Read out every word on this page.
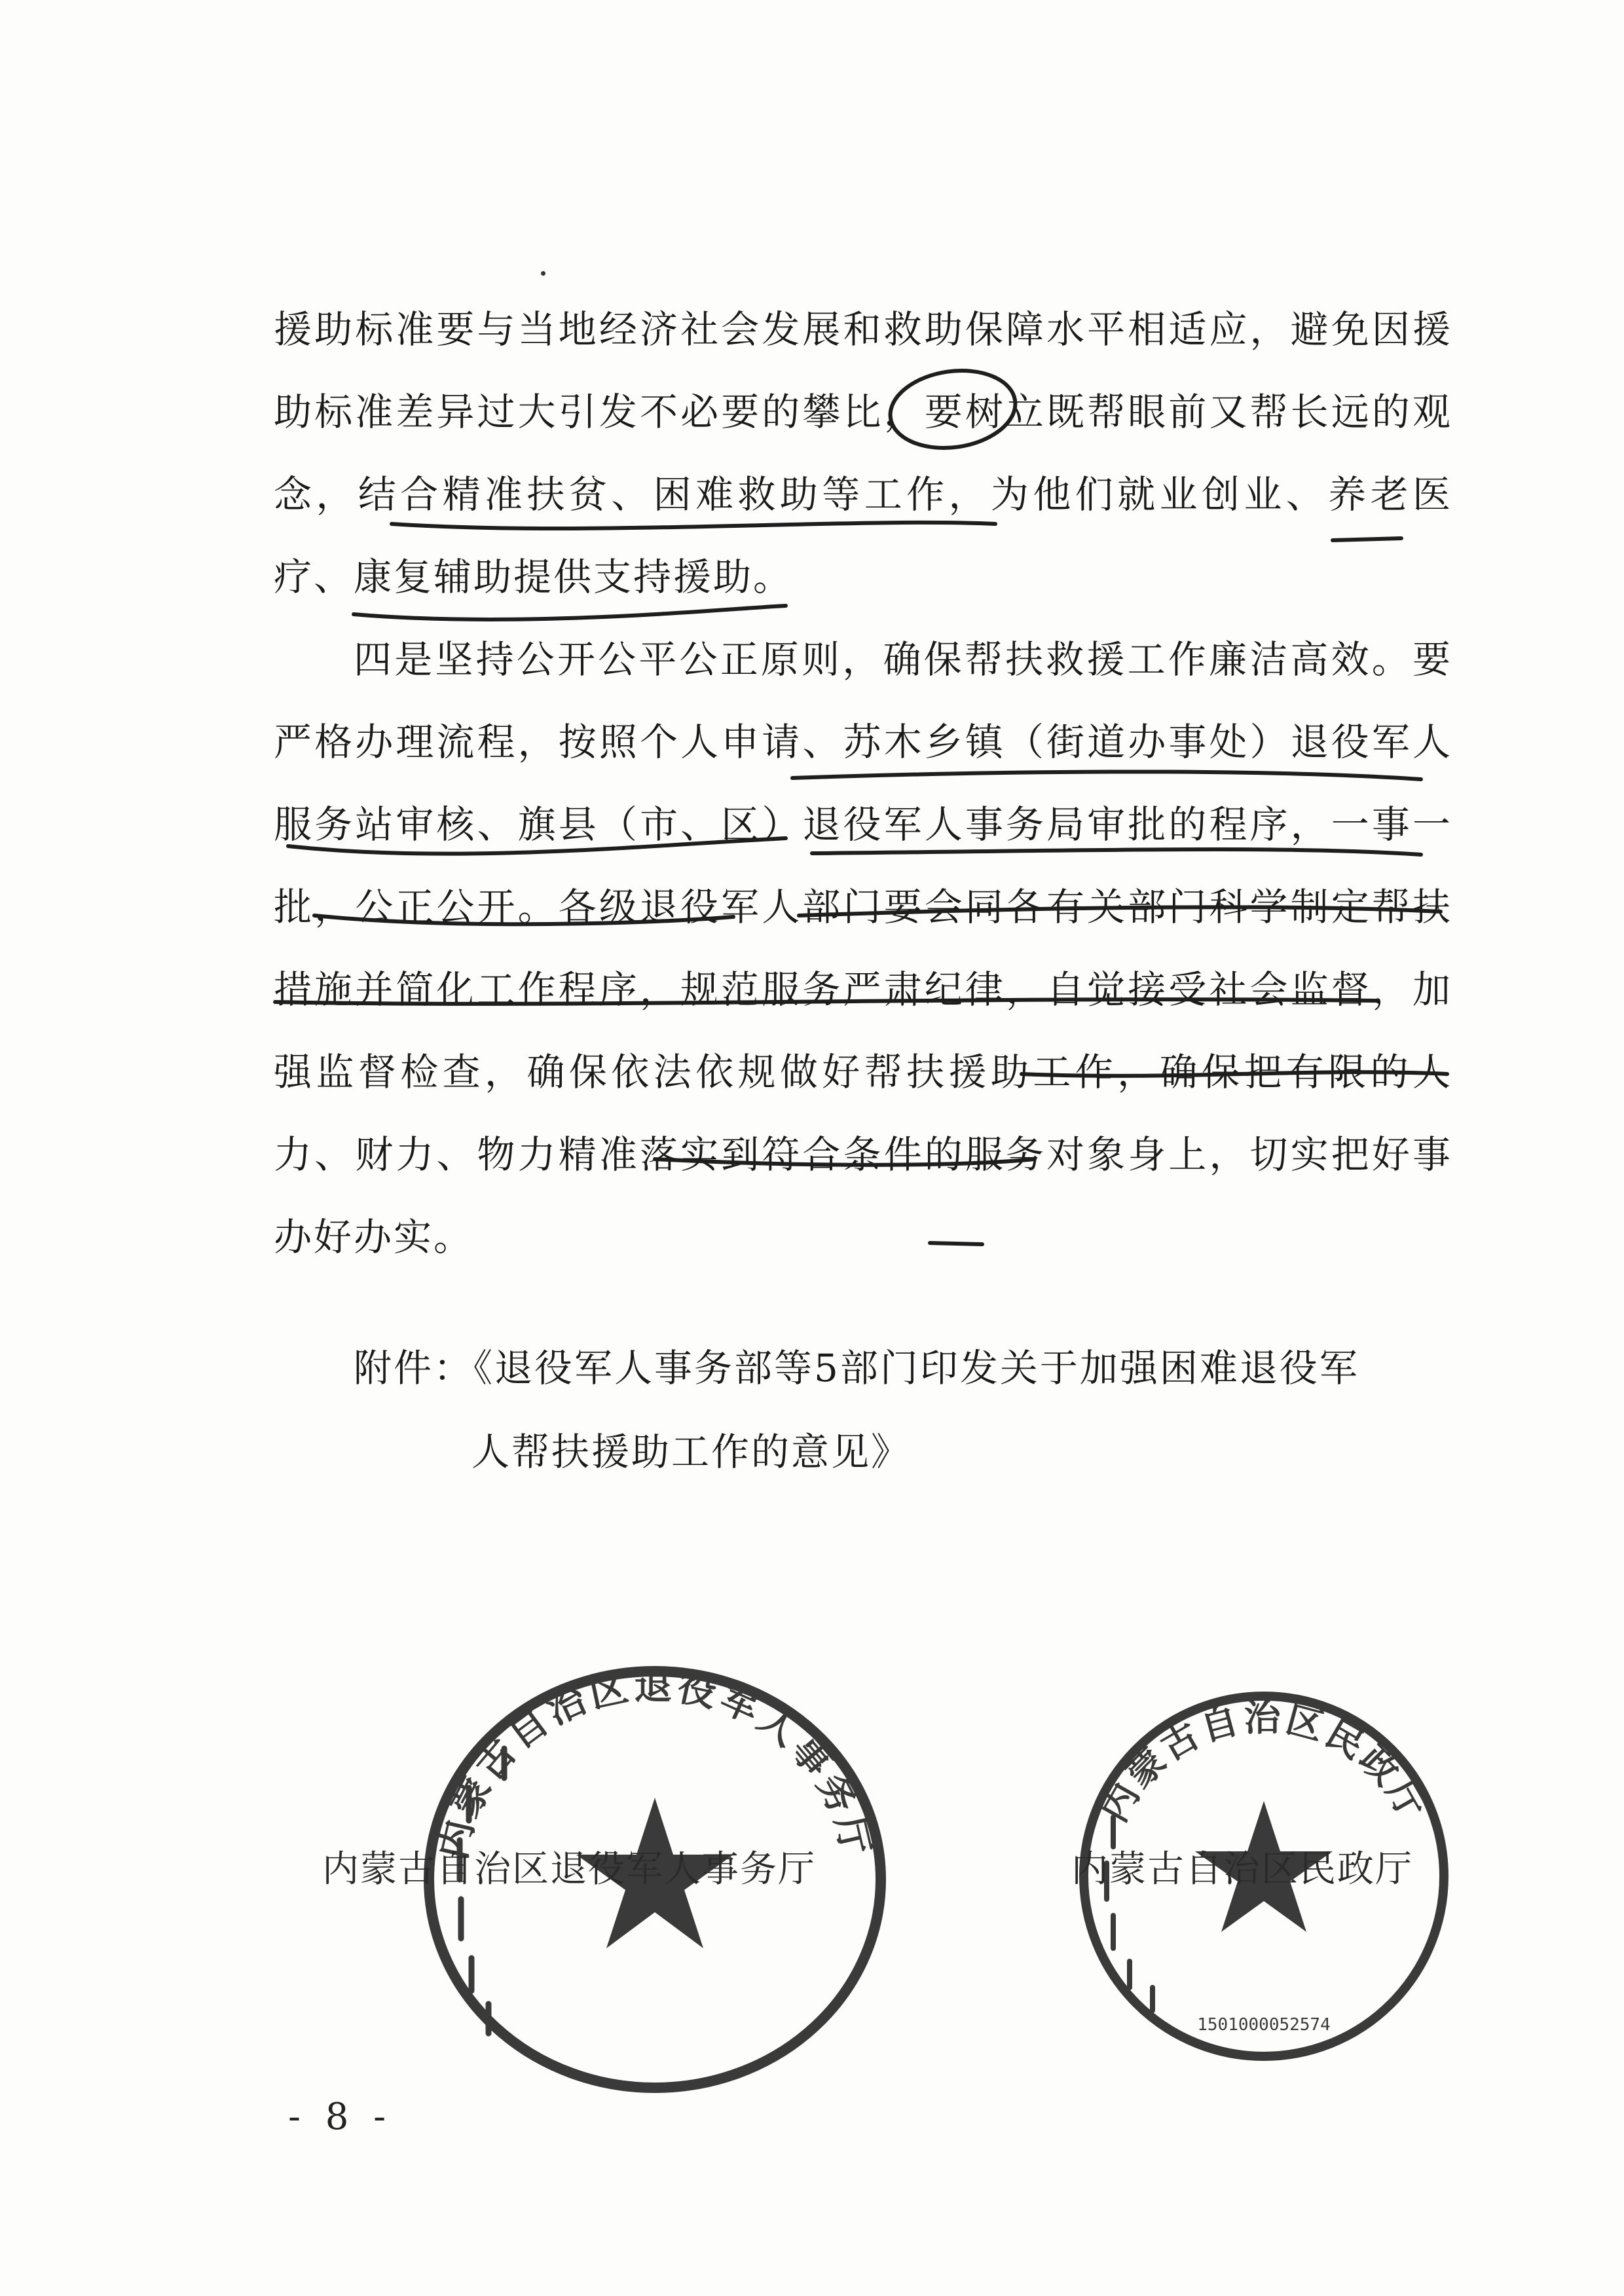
援助标准要与当地经济社会发展和救助保障水平相适应，避免因援助标准差异过大引发不必要的攀比，要树立既帮眼前又帮长远的观念，结合精准扶贫、困难救助等工作，为他们就业创业、养老医疗、康复辅助提供支持援助。

四是坚持公开公平公正原则，确保帮扶救援工作廉洁高效。要严格办理流程，按照个人申请、苏木乡镇（街道办事处）退役军人服务站审核、旗县（市、区）退役军人事务局审批的程序，一事一批，公正公开。各级退役军人部门要会同各有关部门科学制定帮扶措施并简化工作程序，规范服务严肃纪律，自觉接受社会监督，加强监督检查，确保依法依规做好帮扶援助工作，确保把有限的人力、财力、物力精准落实到符合条件的服务对象身上，切实把好事办好办实。

附件：《退役军人事务部等5部门印发关于加强困难退役军
人帮扶援助工作的意见》
内蒙古自治区退役军人事务厅
内蒙古自治区民政厅
1501000052574
内蒙古自治区退役军人事务厅	内蒙古自治区民政厅
- 8 -
